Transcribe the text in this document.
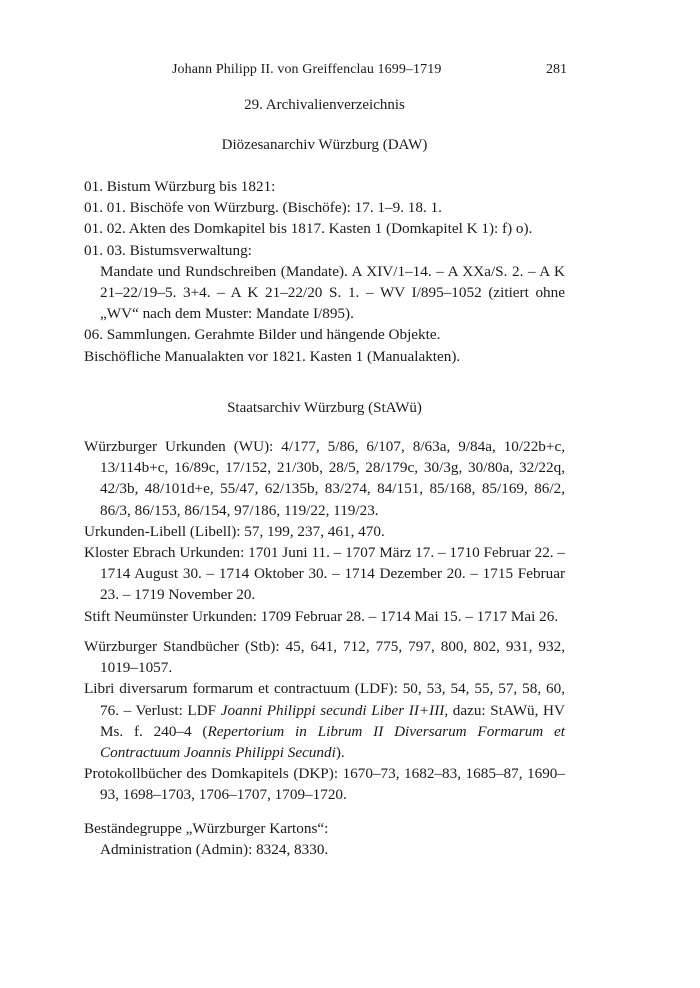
Johann Philipp II. von Greiffenclau 1699–1719	281
29. Archivalienverzeichnis
Diözesanarchiv Würzburg (DAW)

01. Bistum Würzburg bis 1821:

01. 01. Bischöfe von Würzburg. (Bischöfe): 17. 1–9. 18. 1.

01. 02. Akten des Domkapitel bis 1817. Kasten 1 (Domkapitel K 1): f) o).

01. 03. Bistumsverwaltung:

Mandate und Rundschreiben (Mandate). A XIV/1–14. – A XXa/S. 2. – A K 21–22/19–5. 3+4. – A K 21–22/20 S. 1. – WV I/895–1052 (zitiert ohne „WV“ nach dem Muster: Mandate I/895).

06. Sammlungen. Gerahmte Bilder und hängende Objekte.

Bischöfliche Manualakten vor 1821. Kasten 1 (Manualakten).

Staatsarchiv Würzburg (StAWü)

Würzburger Urkunden (WU): 4/177, 5/86, 6/107, 8/63a, 9/84a, 10/22b+c, 13/114b+c, 16/89c, 17/152, 21/30b, 28/5, 28/179c, 30/3g, 30/80a, 32/22q, 42/3b, 48/101d+e, 55/47, 62/135b, 83/274, 84/151, 85/168, 85/169, 86/2, 86/3, 86/153, 86/154, 97/186, 119/22, 119/23.

Urkunden-Libell (Libell): 57, 199, 237, 461, 470.

Kloster Ebrach Urkunden: 1701 Juni 11. – 1707 März 17. – 1710 Februar 22. – 1714 August 30. – 1714 Oktober 30. – 1714 Dezember 20. – 1715 Februar 23. – 1719 November 20.

Stift Neumünster Urkunden: 1709 Februar 28. – 1714 Mai 15. – 1717 Mai 26.

Würzburger Standbücher (Stb): 45, 641, 712, 775, 797, 800, 802, 931, 932, 1019–1057.

Libri diversarum formarum et contractuum (LDF): 50, 53, 54, 55, 57, 58, 60, 76. – Verlust: LDF Joanni Philippi secundi Liber II+III, dazu: StAWü, HV Ms. f. 240–4 (Repertorium in Librum II Diversarum Formarum et Contractuum Joannis Philippi Secundi).

Protokollbücher des Domkapitels (DKP): 1670–73, 1682–83, 1685–87, 1690–93, 1698–1703, 1706–1707, 1709–1720.

Beständegruppe „Würzburger Kartons“:

Administration (Admin): 8324, 8330.
